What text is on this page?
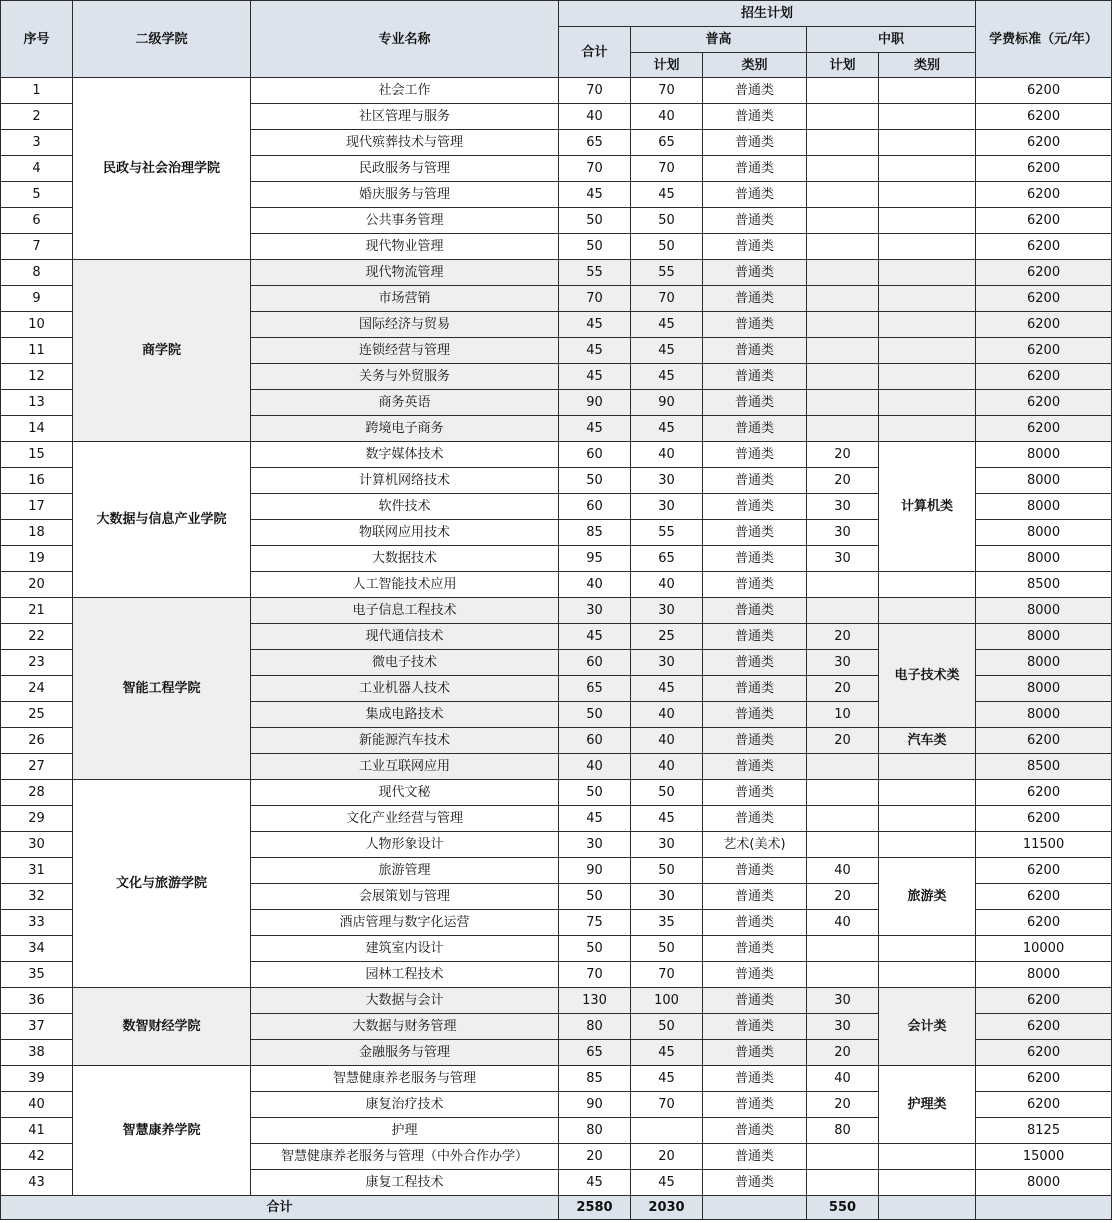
序号	二级学院	专业名称	招生计划					学费标准（元/年）
			合计	普高		中职		
				计划	类别	计划	类别	
1	民政与社会治理学院	社会工作	70	70	普通类			6200
2		社区管理与服务	40	40	普通类			6200
3		现代殡葬技术与管理	65	65	普通类			6200
4		民政服务与管理	70	70	普通类			6200
5		婚庆服务与管理	45	45	普通类			6200
6		公共事务管理	50	50	普通类			6200
7		现代物业管理	50	50	普通类			6200
8	商学院	现代物流管理	55	55	普通类			6200
9		市场营销	70	70	普通类			6200
10		国际经济与贸易	45	45	普通类			6200
11		连锁经营与管理	45	45	普通类			6200
12		关务与外贸服务	45	45	普通类			6200
13		商务英语	90	90	普通类			6200
14		跨境电子商务	45	45	普通类			6200
15	大数据与信息产业学院	数字媒体技术	60	40	普通类	20	计算机类	8000
16		计算机网络技术	50	30	普通类	20		8000
17		软件技术	60	30	普通类	30		8000
18		物联网应用技术	85	55	普通类	30		8000
19		大数据技术	95	65	普通类	30		8000
20		人工智能技术应用	40	40	普通类			8500
21	智能工程学院	电子信息工程技术	30	30	普通类			8000
22		现代通信技术	45	25	普通类	20	电子技术类	8000
23		微电子技术	60	30	普通类	30		8000
24		工业机器人技术	65	45	普通类	20		8000
25		集成电路技术	50	40	普通类	10		8000
26		新能源汽车技术	60	40	普通类	20	汽车类	6200
27		工业互联网应用	40	40	普通类			8500
28	文化与旅游学院	现代文秘	50	50	普通类			6200
29		文化产业经营与管理	45	45	普通类			6200
30		人物形象设计	30	30	艺术(美术)			11500
31		旅游管理	90	50	普通类	40	旅游类	6200
32		会展策划与管理	50	30	普通类	20		6200
33		酒店管理与数字化运营	75	35	普通类	40		6200
34		建筑室内设计	50	50	普通类			10000
35		园林工程技术	70	70	普通类			8000
36	数智财经学院	大数据与会计	130	100	普通类	30	会计类	6200
37		大数据与财务管理	80	50	普通类	30		6200
38		金融服务与管理	65	45	普通类	20		6200
39	智慧康养学院	智慧健康养老服务与管理	85	45	普通类	40	护理类	6200
40		康复治疗技术	90	70	普通类	20		6200
41		护理	80		普通类	80		8125
42		智慧健康养老服务与管理（中外合作办学）	20	20	普通类			15000
43		康复工程技术	45	45	普通类			8000
合计			2580	2030		550		
